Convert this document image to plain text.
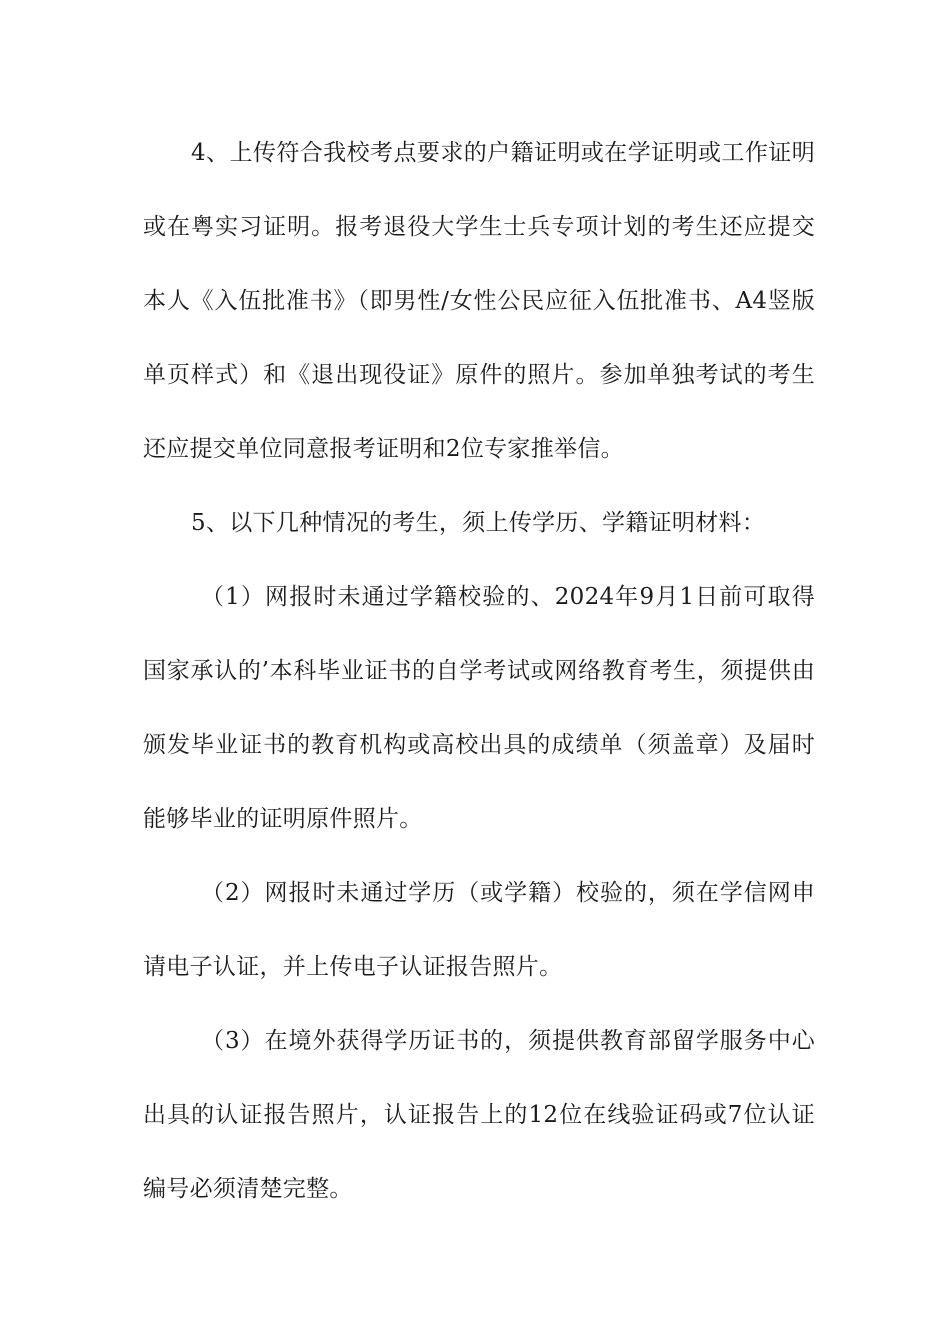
4、上传符合我校考点要求的户籍证明或在学证明或工作证明或在粤实习证明。报考退役大学生士兵专项计划的考生还应提交本人《入伍批准书》（即男性/女性公民应征入伍批准书、A4竖版单页样式）和《退出现役证》原件的照片。参加单独考试的考生还应提交单位同意报考证明和2位专家推举信。

5、以下几种情况的考生，须上传学历、学籍证明材料：

（1）网报时未通过学籍校验的、2024年9月1日前可取得国家承认的’本科毕业证书的自学考试或网络教育考生，须提供由颁发毕业证书的教育机构或高校出具的成绩单（须盖章）及届时能够毕业的证明原件照片。

（2）网报时未通过学历（或学籍）校验的，须在学信网申请电子认证，并上传电子认证报告照片。

（3）在境外获得学历证书的，须提供教育部留学服务中心出具的认证报告照片，认证报告上的12位在线验证码或7位认证编号必须清楚完整。
